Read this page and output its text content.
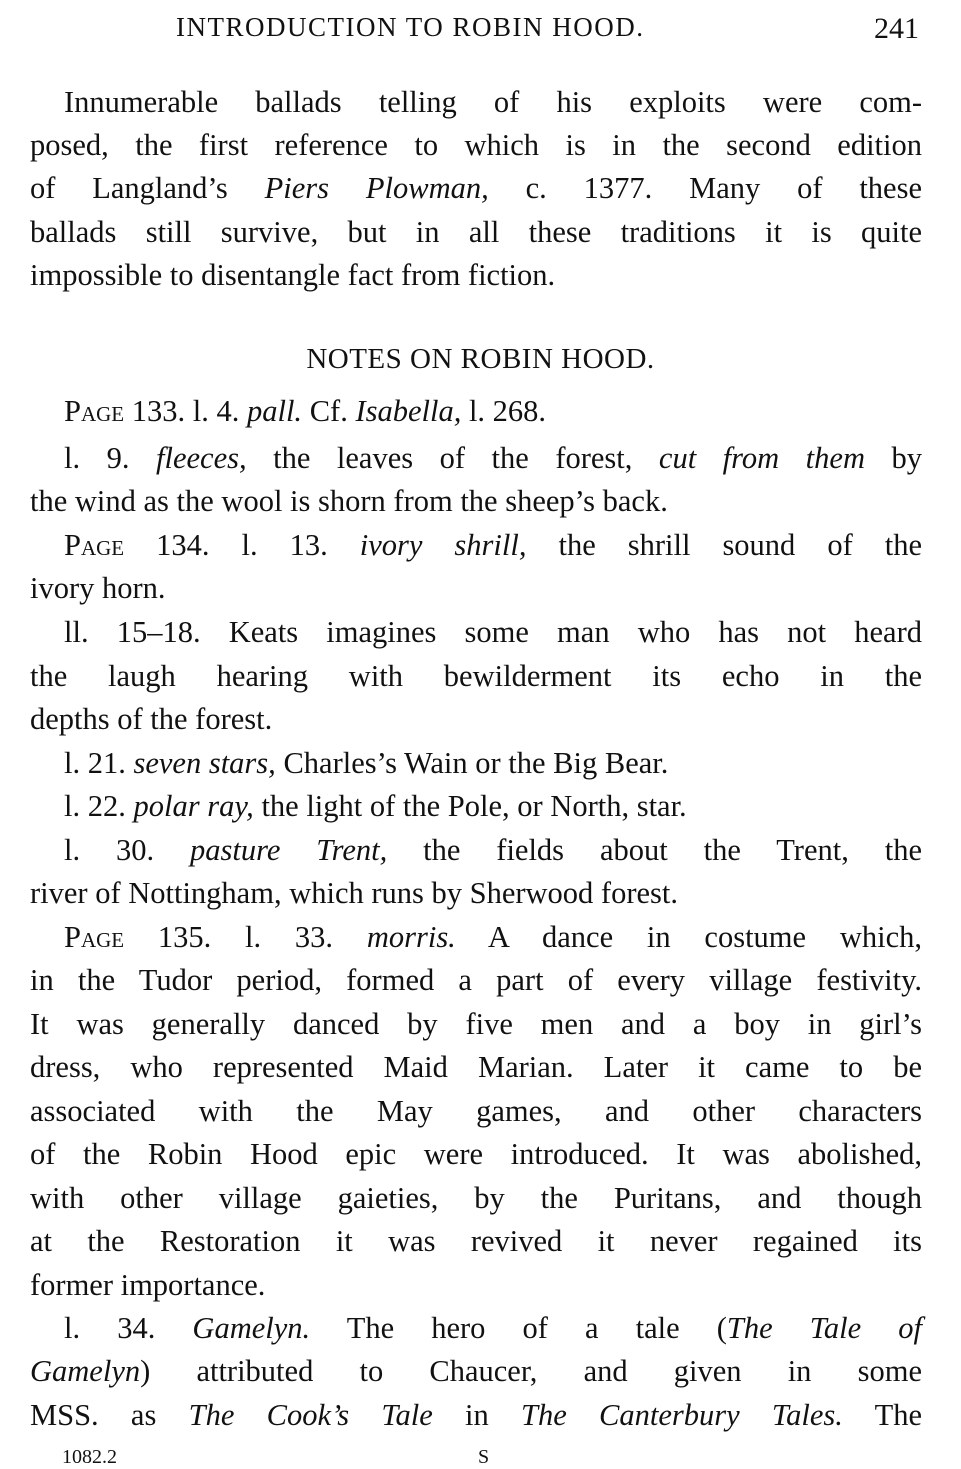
INTRODUCTION TO ROBIN HOOD.	241
Innumerable ballads telling of his exploits were com-
posed, the first reference to which is in the second edition
of Langland’s Piers Plowman, c. 1377. Many of these
ballads still survive, but in all these traditions it is quite
impossible to disentangle fact from fiction.
NOTES ON ROBIN HOOD.
Page 133. l. 4. pall. Cf. Isabella, l. 268.
l. 9. fleeces, the leaves of the forest, cut from them by
the wind as the wool is shorn from the sheep’s back.
Page 134. l. 13. ivory shrill, the shrill sound of the
ivory horn.
ll. 15–18. Keats imagines some man who has not heard
the laugh hearing with bewilderment its echo in the
depths of the forest.
l. 21. seven stars, Charles’s Wain or the Big Bear.
l. 22. polar ray, the light of the Pole, or North, star.
l. 30. pasture Trent, the fields about the Trent, the
river of Nottingham, which runs by Sherwood forest.
Page 135. l. 33. morris. A dance in costume which,
in the Tudor period, formed a part of every village festivity.
It was generally danced by five men and a boy in girl’s
dress, who represented Maid Marian. Later it came to be
associated with the May games, and other characters
of the Robin Hood epic were introduced. It was abolished,
with other village gaieties, by the Puritans, and though
at the Restoration it was revived it never regained its
former importance.
l. 34. Gamelyn. The hero of a tale (The Tale of
Gamelyn) attributed to Chaucer, and given in some
MSS. as The Cook’s Tale in The Canterbury Tales. The
1082.2	S
